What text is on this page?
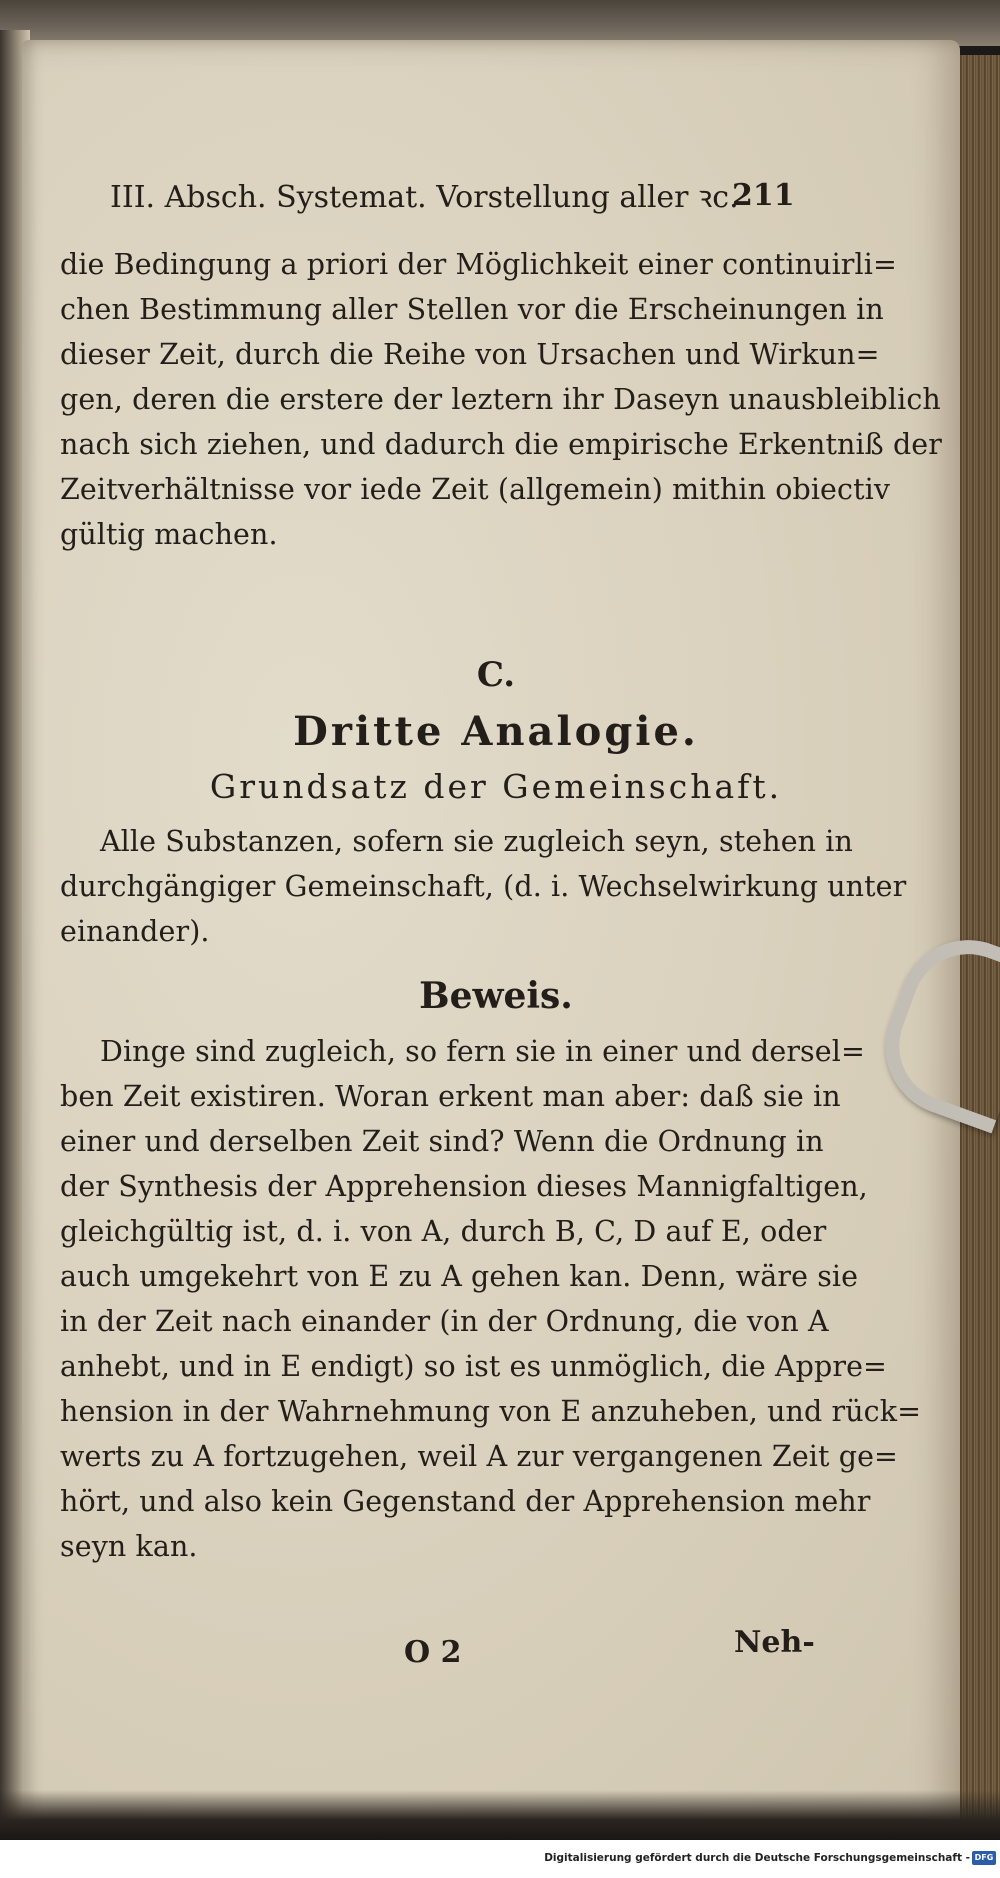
III. Absch. Systemat. Vorstellung aller ꝛc.
211
die Bedingung a priori der Möglichkeit einer continuirli=
chen Bestimmung aller Stellen vor die Erscheinungen in
dieser Zeit, durch die Reihe von Ursachen und Wirkun=
gen, deren die erstere der leztern ihr Daseyn unausbleiblich
nach sich ziehen, und dadurch die empirische Erkentniß der
Zeitverhältnisse vor iede Zeit (allgemein) mithin obiectiv
gültig machen.
C.
Dritte Analogie.
Grundsatz der Gemeinschaft.
Alle Substanzen, sofern sie zugleich seyn, stehen in
durchgängiger Gemeinschaft, (d. i. Wechselwirkung unter
einander).
Beweis.
Dinge sind zugleich, so fern sie in einer und dersel=
ben Zeit existiren. Woran erkent man aber: daß sie in
einer und derselben Zeit sind? Wenn die Ordnung in
der Synthesis der Apprehension dieses Mannigfaltigen,
gleichgültig ist, d. i. von A, durch B, C, D auf E, oder
auch umgekehrt von E zu A gehen kan. Denn, wäre sie
in der Zeit nach einander (in der Ordnung, die von A
anhebt, und in E endigt) so ist es unmöglich, die Appre=
hension in der Wahrnehmung von E anzuheben, und rück=
werts zu A fortzugehen, weil A zur vergangenen Zeit ge=
hört, und also kein Gegenstand der Apprehension mehr
seyn kan.
O 2	Neh-
Digitalisierung gefördert durch die Deutsche Forschungsgemeinschaft - DFG
